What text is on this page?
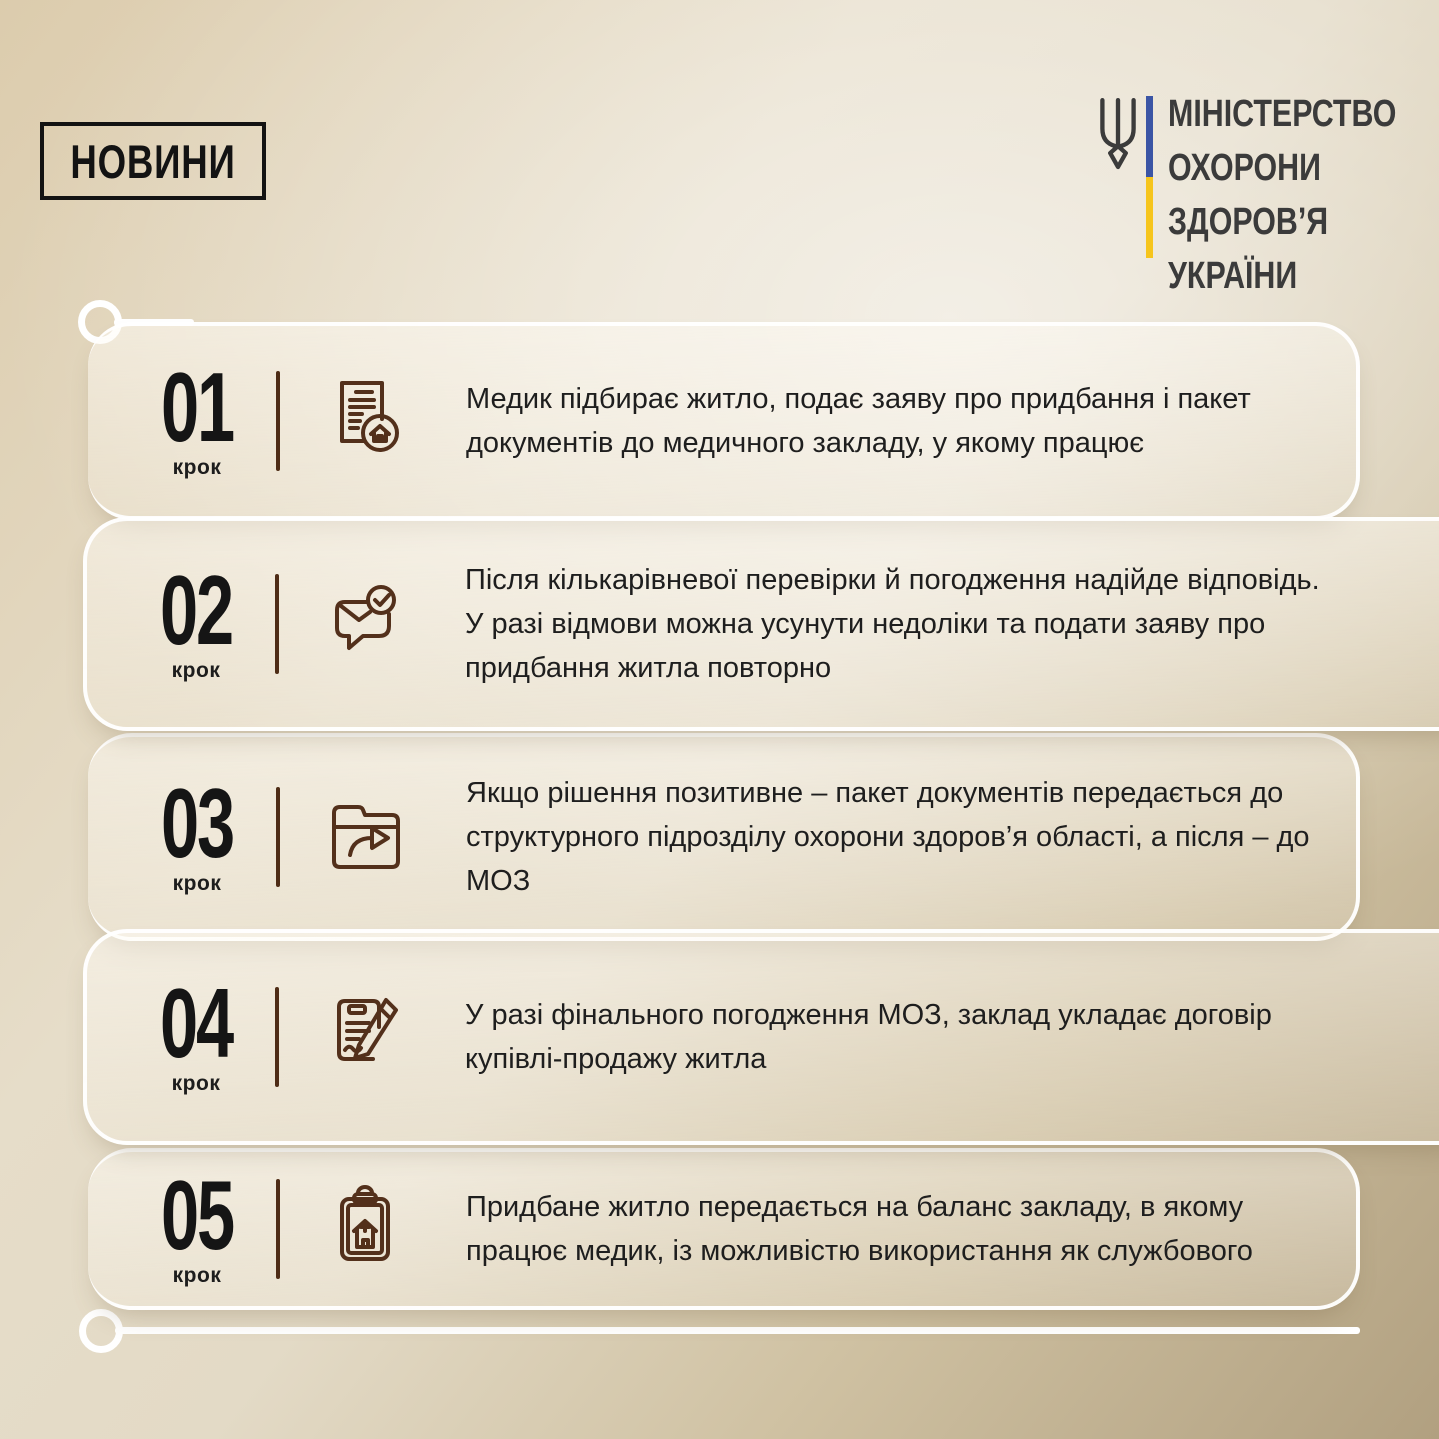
НОВИНИ
МІНІСТЕРСТВО
ОХОРОНИ
ЗДОРОВ’Я
УКРАЇНИ
01
крок
Медик підбирає житло, подає заяву про придбання і пакет документів до медичного закладу, у якому працює
02
крок
Після кількарівневої перевірки й погодження надійде відповідь. У разі відмови можна усунути недоліки та подати заяву про придбання житла повторно
03
крок
Якщо рішення позитивне – пакет документів передається до структурного підрозділу охорони здоров’я області, а після – до МОЗ
04
крок
У разі фінального погодження МОЗ, заклад укладає договір купівлі-продажу житла
05
крок
Придбане житло передається на баланс закладу, в якому працює медик, із можливістю використання як службового
